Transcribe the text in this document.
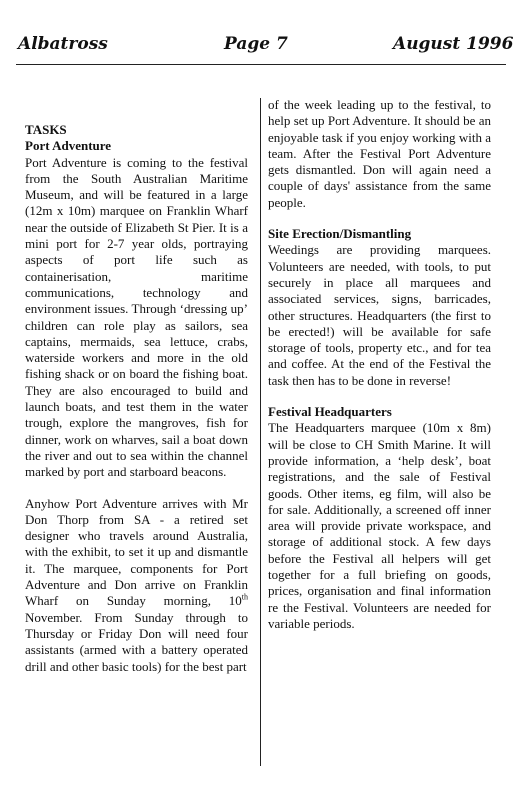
Albatross	Page 7	August 1996
TASKS
Port Adventure

Port Adventure is coming to the festival from the South Australian Maritime Museum, and will be featured in a large (12m x 10m) marquee on Franklin Wharf near the outside of Elizabeth St Pier. It is a mini port for 2-7 year olds, portraying aspects of port life such as containerisation, maritime communications, technology and environment issues. Through ‘dressing up’ children can role play as sailors, sea captains, mermaids, sea lettuce, crabs, waterside workers and more in the old fishing shack or on board the fishing boat. They are also encouraged to build and launch boats, and test them in the water trough, explore the mangroves, fish for dinner, work on wharves, sail a boat down the river and out to sea within the channel marked by port and starboard beacons.

Anyhow Port Adventure arrives with Mr Don Thorp from SA - a retired set designer who travels around Australia, with the exhibit, to set it up and dismantle it. The marquee, components for Port Adventure and Don arrive on Franklin Wharf on Sunday morning, 10th November. From Sunday through to Thursday or Friday Don will need four assistants (armed with a battery operated drill and other basic tools) for the best part

of the week leading up to the festival, to help set up Port Adventure. It should be an enjoyable task if you enjoy working with a team. After the Festival Port Adventure gets dismantled. Don will again need a couple of days' assistance from the same people.

Site Erection/Dismantling

Weedings are providing marquees. Volunteers are needed, with tools, to put securely in place all marquees and associated services, signs, barricades, other structures. Headquarters (the first to be erected!) will be available for safe storage of tools, property etc., and for tea and coffee. At the end of the Festival the task then has to be done in reverse!

Festival Headquarters

The Headquarters marquee (10m x 8m) will be close to CH Smith Marine. It will provide information, a ‘help desk’, boat registrations, and the sale of Festival goods. Other items, eg film, will also be for sale. Additionally, a screened off inner area will provide private workspace, and storage of additional stock. A few days before the Festival all helpers will get together for a full briefing on goods, prices, organisation and final information re the Festival. Volunteers are needed for variable periods.
